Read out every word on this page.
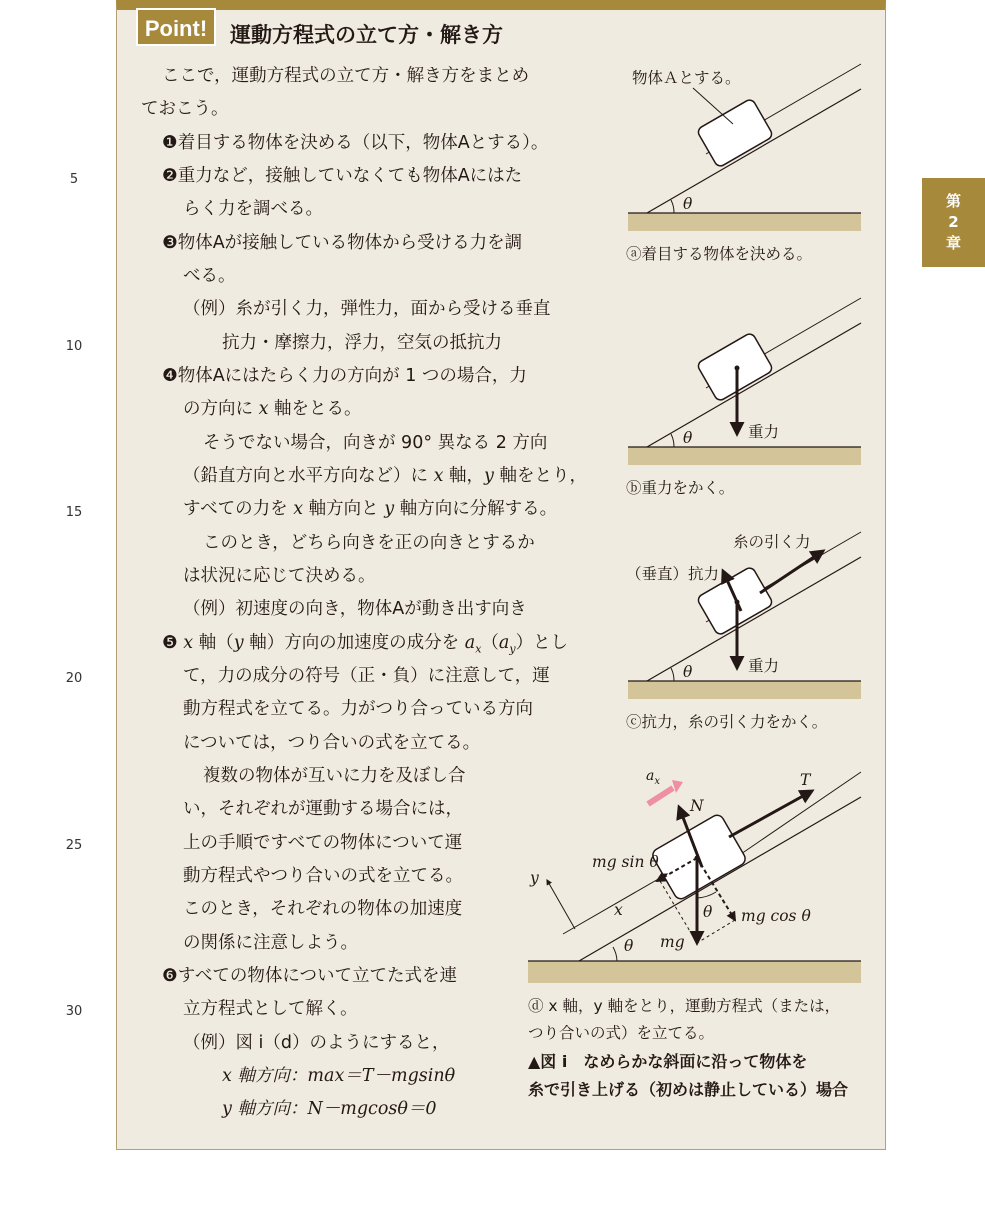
5
10
15
20
25
30
第
2
章
Point!	運動方程式の立て方・解き方
ここで，運動方程式の立て方・解き方をまとめ
ておこう。
❶着目する物体を決める（以下，物体Aとする）。
❷重力など，接触していなくても物体Aにはた
らく力を調べる。
❸物体Aが接触している物体から受ける力を調
べる。
（例）糸が引く力，弾性力，面から受ける垂直
抗力・摩擦力，浮力，空気の抵抗力
❹物体Aにはたらく力の方向が 1 つの場合，力
の方向に x 軸をとる。
そうでない場合，向きが 90° 異なる 2 方向
（鉛直方向と水平方向など）に x 軸，y 軸をとり，
すべての力を x 軸方向と y 軸方向に分解する。
このとき，どちら向きを正の向きとするか
は状況に応じて決める。
（例）初速度の向き，物体Aが動き出す向き
❺ x 軸（y 軸）方向の加速度の成分を $a_x(a_y)$とし
て，力の成分の符号（正・負）に注意して，運
動方程式を立てる。力がつり合っている方向
については，つり合いの式を立てる。
複数の物体が互いに力を及ぼし合
い，それぞれが運動する場合には，
上の手順ですべての物体について運
動方程式やつり合いの式を立てる。
このとき，それぞれの物体の加速度
の関係に注意しよう。
❻すべての物体について立てた式を連
立方程式として解く。
（例）図 i（d）のようにすると，
x 軸方向：max＝T－mgsinθ
y 軸方向：N－mgcosθ＝0
物体Ａとする。
θ
ⓐ着目する物体を決める。
重力
θ
ⓑ重力をかく。
糸の引く力
（垂直）抗力
重力
θ
ⓒ抗力，糸の引く力をかく。
$a_x$	T
N
mg sin θ
y
x	θ mg cos θ
mg
θ
ⓓ x 軸，y 軸をとり，運動方程式（または，
つり合いの式）を立てる。
▲図 i　なめらかな斜面に沿って物体を
糸で引き上げる（初めは静止している）場合
